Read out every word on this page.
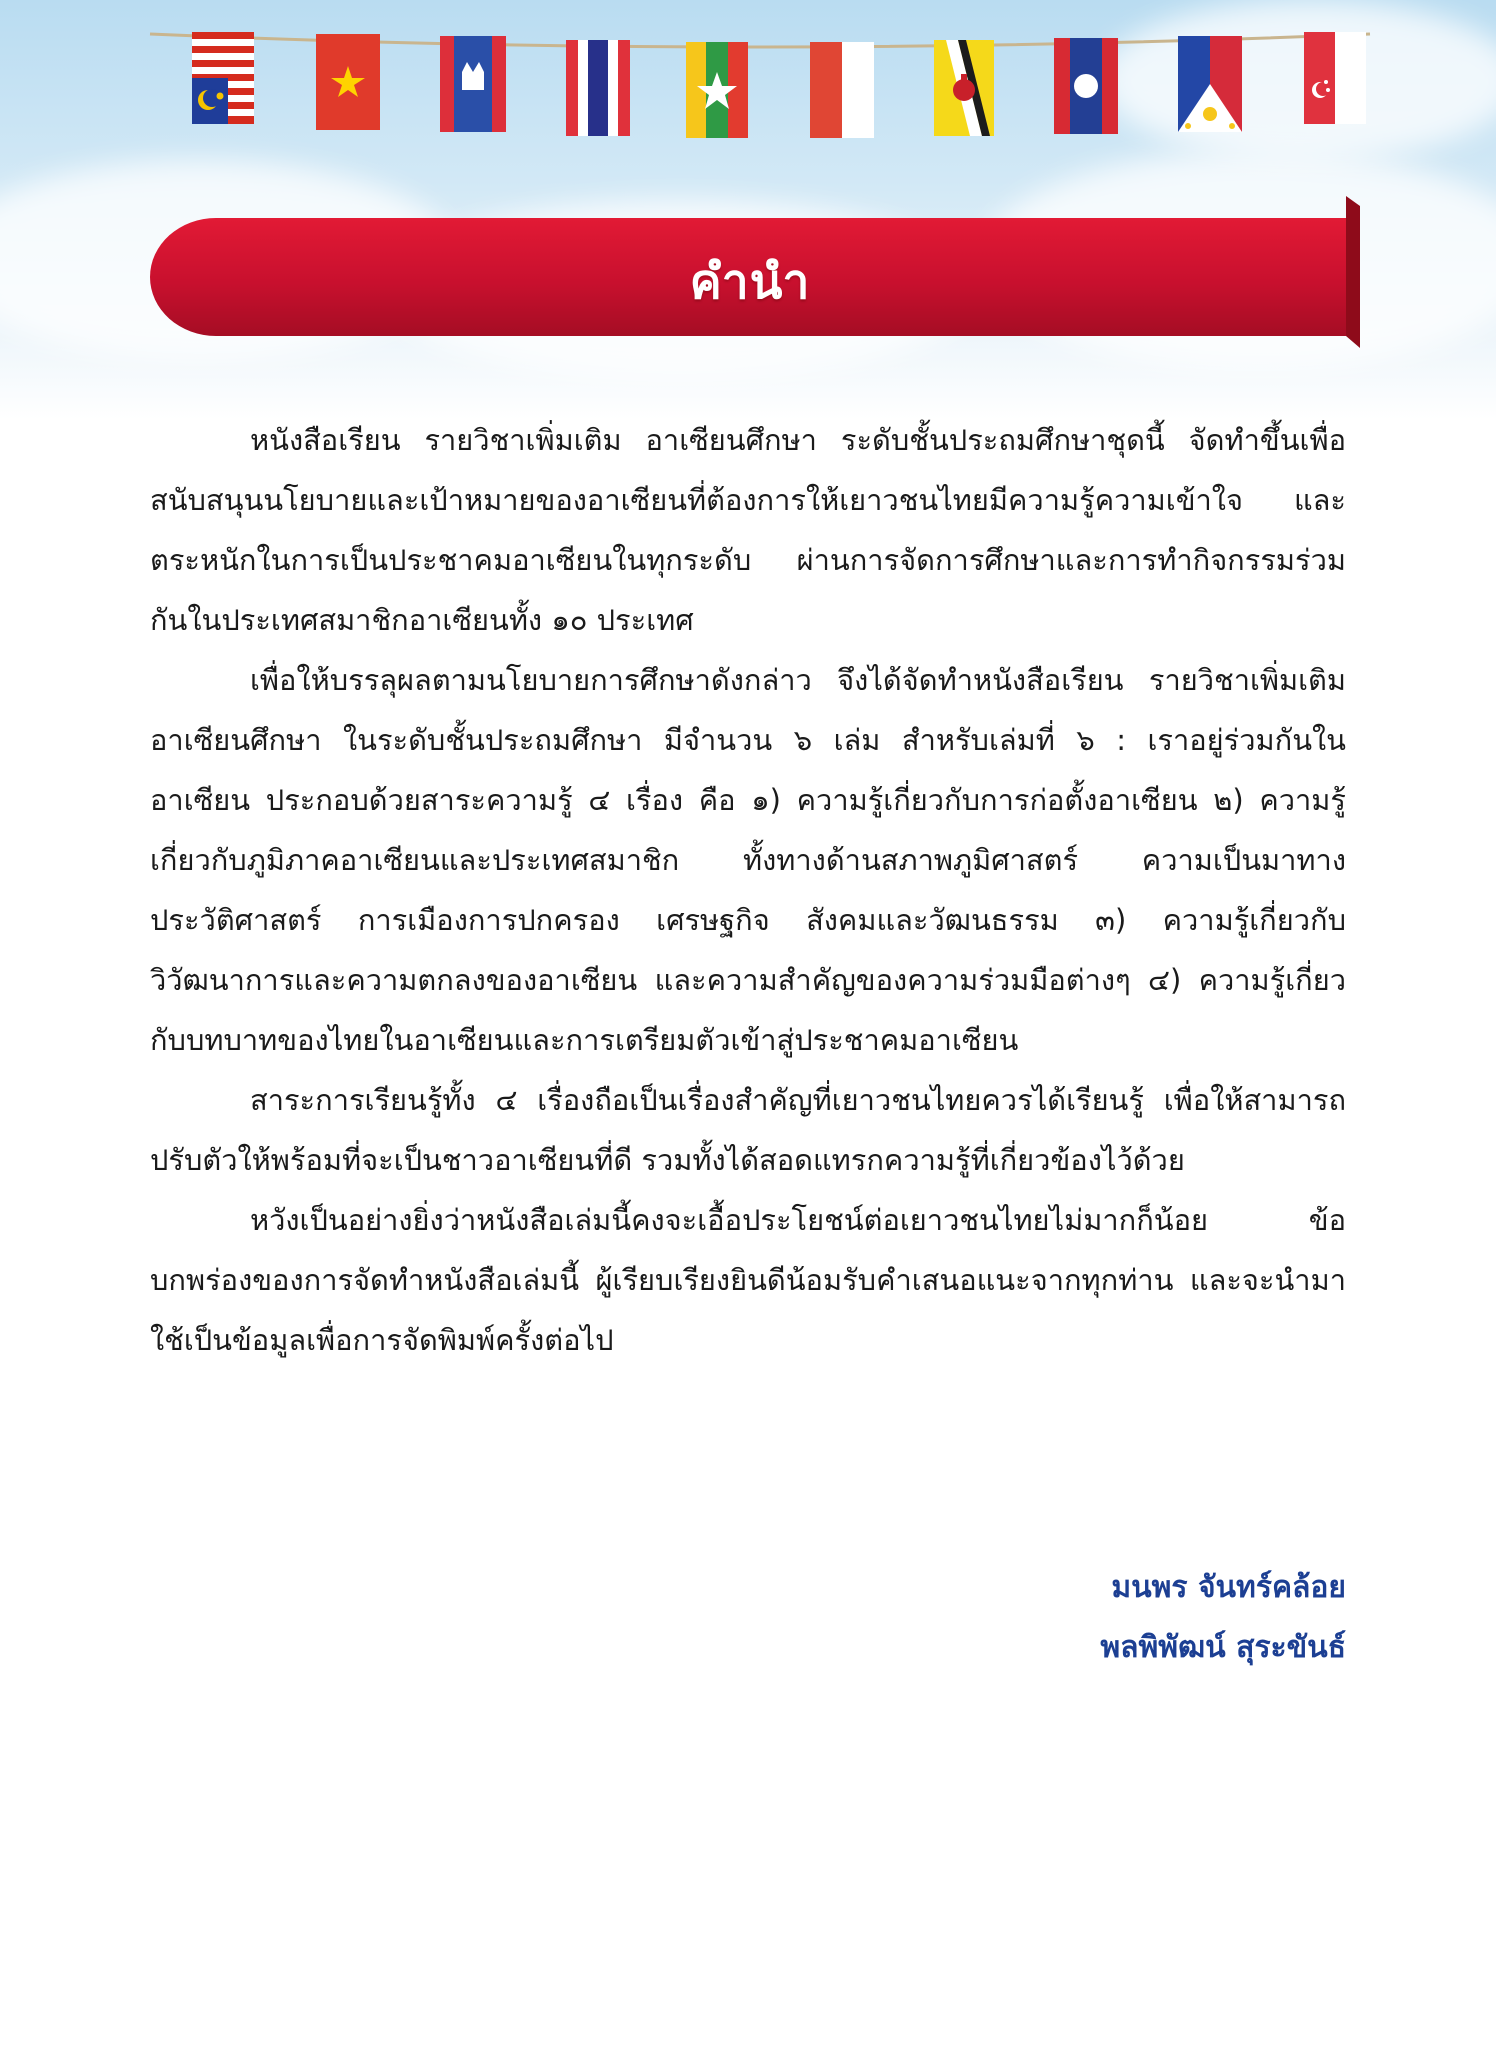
คำนำ

หนังสือเรียน รายวิชาเพิ่มเติม อาเซียนศึกษา ระดับชั้นประถมศึกษาชุดนี้ จัดทำขึ้นเพื่อสนับสนุนนโยบายและเป้าหมายของอาเซียนที่ต้องการให้เยาวชนไทยมีความรู้ความเข้าใจ และตระหนักในการเป็นประชาคมอาเซียนในทุกระดับ ผ่านการจัดการศึกษาและการทำกิจกรรมร่วมกันในประเทศสมาชิกอาเซียนทั้ง ๑๐ ประเทศ

เพื่อให้บรรลุผลตามนโยบายการศึกษาดังกล่าว จึงได้จัดทำหนังสือเรียน รายวิชาเพิ่มเติม อาเซียนศึกษา ในระดับชั้นประถมศึกษา มีจำนวน ๖ เล่ม สำหรับเล่มที่ ๖ : เราอยู่ร่วมกันในอาเซียน ประกอบด้วยสาระความรู้ ๔ เรื่อง คือ ๑) ความรู้เกี่ยวกับการก่อตั้งอาเซียน ๒) ความรู้เกี่ยวกับภูมิภาคอาเซียนและประเทศสมาชิก ทั้งทางด้านสภาพภูมิศาสตร์ ความเป็นมาทางประวัติศาสตร์ การเมืองการปกครอง เศรษฐกิจ สังคมและวัฒนธรรม ๓) ความรู้เกี่ยวกับวิวัฒนาการและความตกลงของอาเซียน และความสำคัญของความร่วมมือต่างๆ ๔) ความรู้เกี่ยวกับบทบาทของไทยในอาเซียนและการเตรียมตัวเข้าสู่ประชาคมอาเซียน

สาระการเรียนรู้ทั้ง ๔ เรื่องถือเป็นเรื่องสำคัญที่เยาวชนไทยควรได้เรียนรู้ เพื่อให้สามารถปรับตัวให้พร้อมที่จะเป็นชาวอาเซียนที่ดี รวมทั้งได้สอดแทรกความรู้ที่เกี่ยวข้องไว้ด้วย

หวังเป็นอย่างยิ่งว่าหนังสือเล่มนี้คงจะเอื้อประโยชน์ต่อเยาวชนไทยไม่มากก็น้อย ข้อบกพร่องของการจัดทำหนังสือเล่มนี้ ผู้เรียบเรียงยินดีน้อมรับคำเสนอแนะจากทุกท่าน และจะนำมาใช้เป็นข้อมูลเพื่อการจัดพิมพ์ครั้งต่อไป

มนพร จันทร์คล้อย
พลพิพัฒน์ สุระขันธ์
